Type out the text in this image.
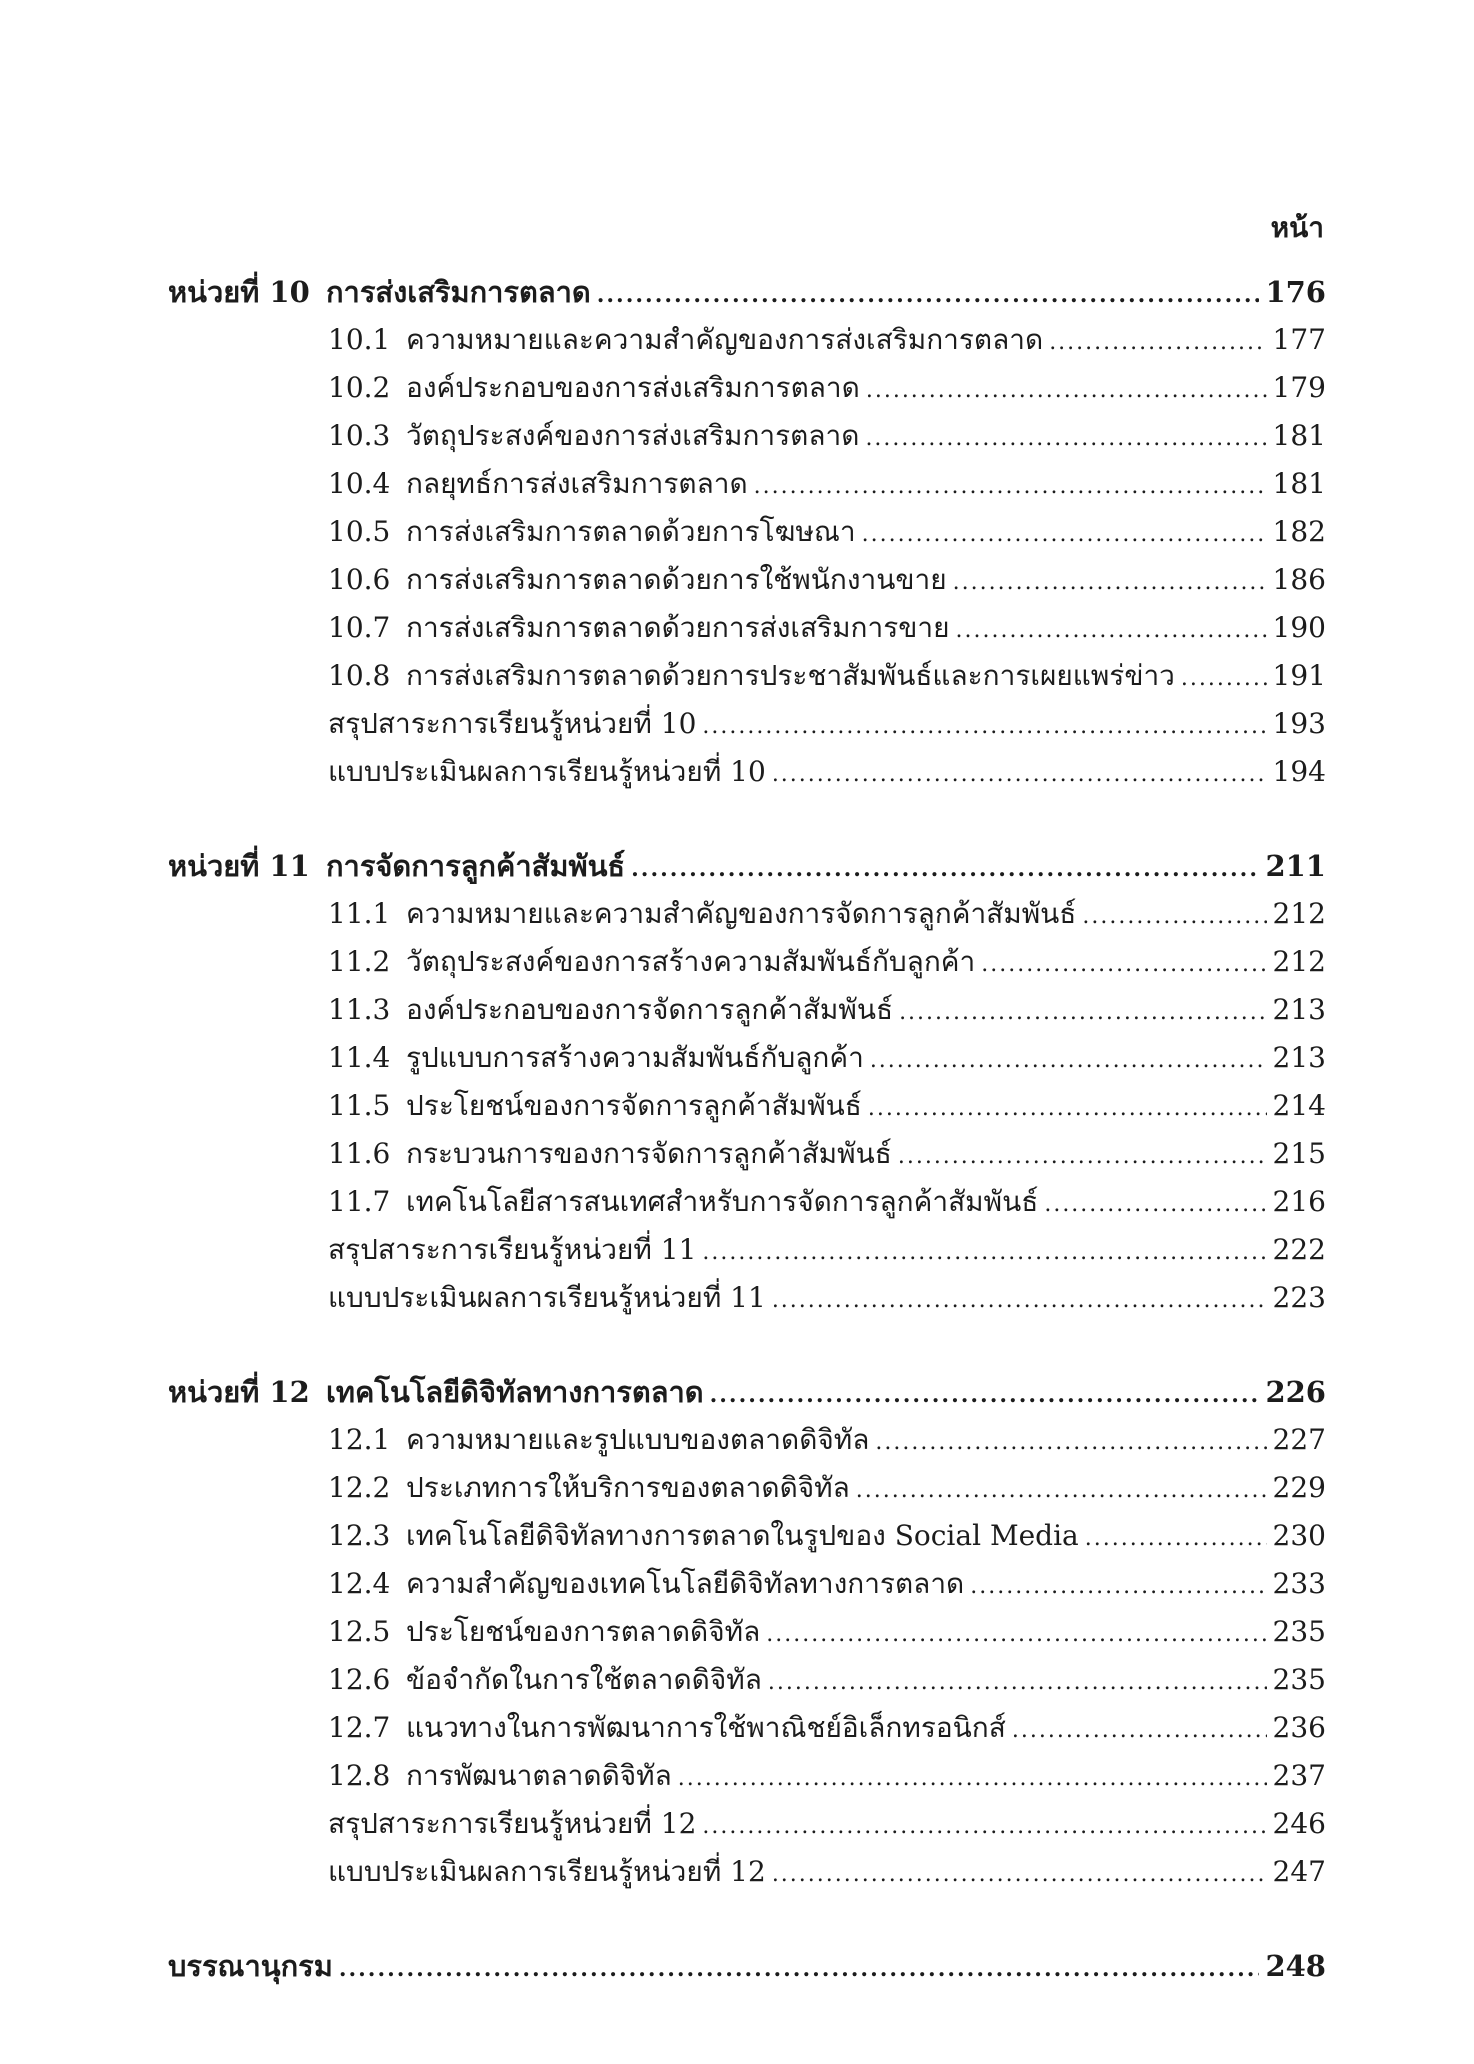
หน้า
หน่วยที่ 10 การส่งเสริมการตลาด .....	176
10.1 ความหมายและความสำคัญของการส่งเสริมการตลาด .....	177
10.2 องค์ประกอบของการส่งเสริมการตลาด .....	179
10.3 วัตถุประสงค์ของการส่งเสริมการตลาด .....	181
10.4 กลยุทธ์การส่งเสริมการตลาด .....	181
10.5 การส่งเสริมการตลาดด้วยการโฆษณา .....	182
10.6 การส่งเสริมการตลาดด้วยการใช้พนักงานขาย .....	186
10.7 การส่งเสริมการตลาดด้วยการส่งเสริมการขาย .....	190
10.8 การส่งเสริมการตลาดด้วยการประชาสัมพันธ์และการเผยแพร่ข่าว .....	191
สรุปสาระการเรียนรู้หน่วยที่ 10 .....	193
แบบประเมินผลการเรียนรู้หน่วยที่ 10 .....	194
หน่วยที่ 11 การจัดการลูกค้าสัมพันธ์ .....	211
11.1 ความหมายและความสำคัญของการจัดการลูกค้าสัมพันธ์ .....	212
11.2 วัตถุประสงค์ของการสร้างความสัมพันธ์กับลูกค้า .....	212
11.3 องค์ประกอบของการจัดการลูกค้าสัมพันธ์ .....	213
11.4 รูปแบบการสร้างความสัมพันธ์กับลูกค้า .....	213
11.5 ประโยชน์ของการจัดการลูกค้าสัมพันธ์ .....	214
11.6 กระบวนการของการจัดการลูกค้าสัมพันธ์ .....	215
11.7 เทคโนโลยีสารสนเทศสำหรับการจัดการลูกค้าสัมพันธ์ .....	216
สรุปสาระการเรียนรู้หน่วยที่ 11 .....	222
แบบประเมินผลการเรียนรู้หน่วยที่ 11 .....	223
หน่วยที่ 12 เทคโนโลยีดิจิทัลทางการตลาด .....	226
12.1 ความหมายและรูปแบบของตลาดดิจิทัล .....	227
12.2 ประเภทการให้บริการของตลาดดิจิทัล .....	229
12.3 เทคโนโลยีดิจิทัลทางการตลาดในรูปของ Social Media .....	230
12.4 ความสำคัญของเทคโนโลยีดิจิทัลทางการตลาด .....	233
12.5 ประโยชน์ของการตลาดดิจิทัล .....	235
12.6 ข้อจำกัดในการใช้ตลาดดิจิทัล .....	235
12.7 แนวทางในการพัฒนาการใช้พาณิชย์อิเล็กทรอนิกส์ .....	236
12.8 การพัฒนาตลาดดิจิทัล .....	237
สรุปสาระการเรียนรู้หน่วยที่ 12 .....	246
แบบประเมินผลการเรียนรู้หน่วยที่ 12 .....	247
บรรณานุกรม .....	248
